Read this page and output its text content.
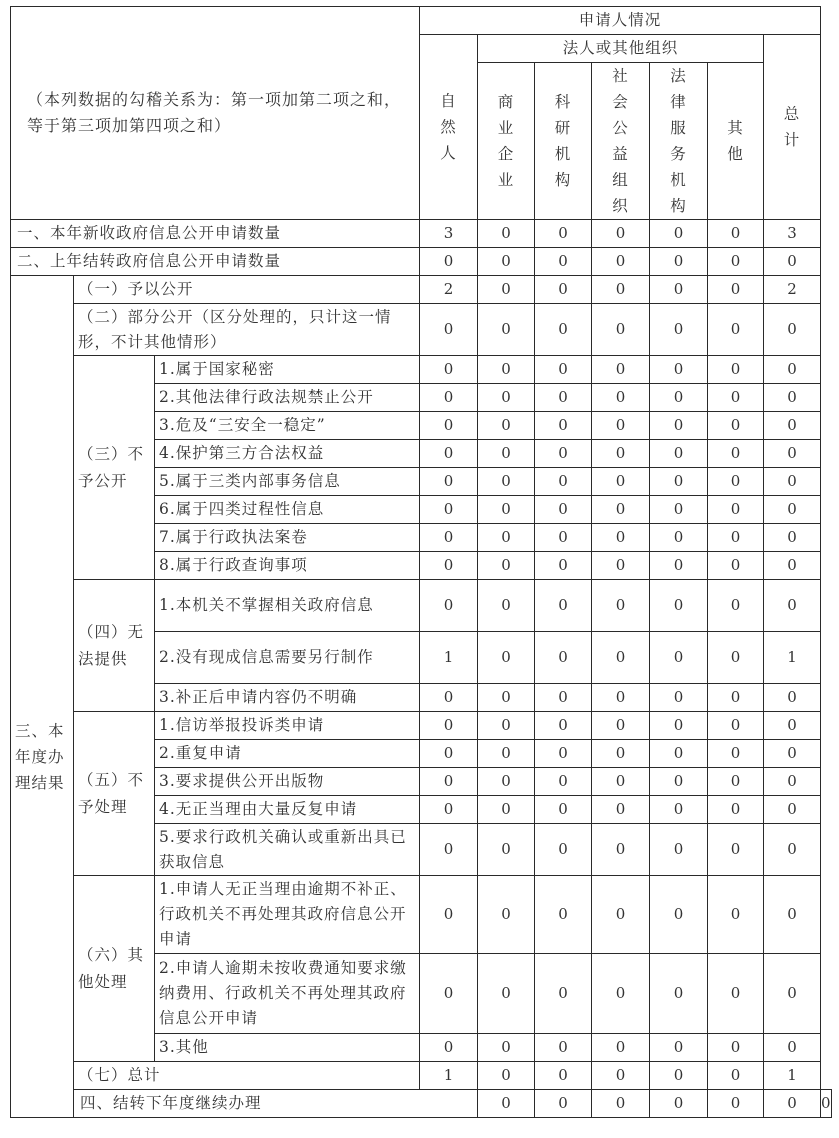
（本列数据的勾稽关系为：第一项加第二项之和，等于第三项加第四项之和）			申请人情况							

			自然人	法人或其他组织					总计	

				商业企业	科研机构	社会公益组织	法律服务机构	其他		

一、本年新收政府信息公开申请数量			3	0	0	0	0	0	3	
二、上年结转政府信息公开申请数量			0	0	0	0	0	0	0	
三、本年度办理结果	（一）予以公开		2	0	0	0	0	0	2	
	（二）部分公开（区分处理的，只计这一情形，不计其他情形）		0	0	0	0	0	0	0	
	（三）不予公开	1.属于国家秘密	0	0	0	0	0	0	0	
		2.其他法律行政法规禁止公开	0	0	0	0	0	0	0	
		3.危及“三安全一稳定”	0	0	0	0	0	0	0	
		4.保护第三方合法权益	0	0	0	0	0	0	0	
		5.属于三类内部事务信息	0	0	0	0	0	0	0	
		6.属于四类过程性信息	0	0	0	0	0	0	0	
		7.属于行政执法案卷	0	0	0	0	0	0	0	
		8.属于行政查询事项	0	0	0	0	0	0	0	
	（四）无法提供	1.本机关不掌握相关政府信息	0	0	0	0	0	0	0	
		2.没有现成信息需要另行制作	1	0	0	0	0	0	1	
		3.补正后申请内容仍不明确	0	0	0	0	0	0	0	
	（五）不予处理	1.信访举报投诉类申请	0	0	0	0	0	0	0	
		2.重复申请	0	0	0	0	0	0	0	
		3.要求提供公开出版物	0	0	0	0	0	0	0	
		4.无正当理由大量反复申请	0	0	0	0	0	0	0	
		5.要求行政机关确认或重新出具已获取信息	0	0	0	0	0	0	0	
	（六）其他处理	1.申请人无正当理由逾期不补正、行政机关不再处理其政府信息公开申请	0	0	0	0	0	0	0	
		2.申请人逾期未按收费通知要求缴纳费用、行政机关不再处理其政府信息公开申请	0	0	0	0	0	0	0	
		3.其他	0	0	0	0	0	0	0	
	（七）总计		1	0	0	0	0	0	1	
	四、结转下年度继续办理			0	0	0	0	0	0	0
